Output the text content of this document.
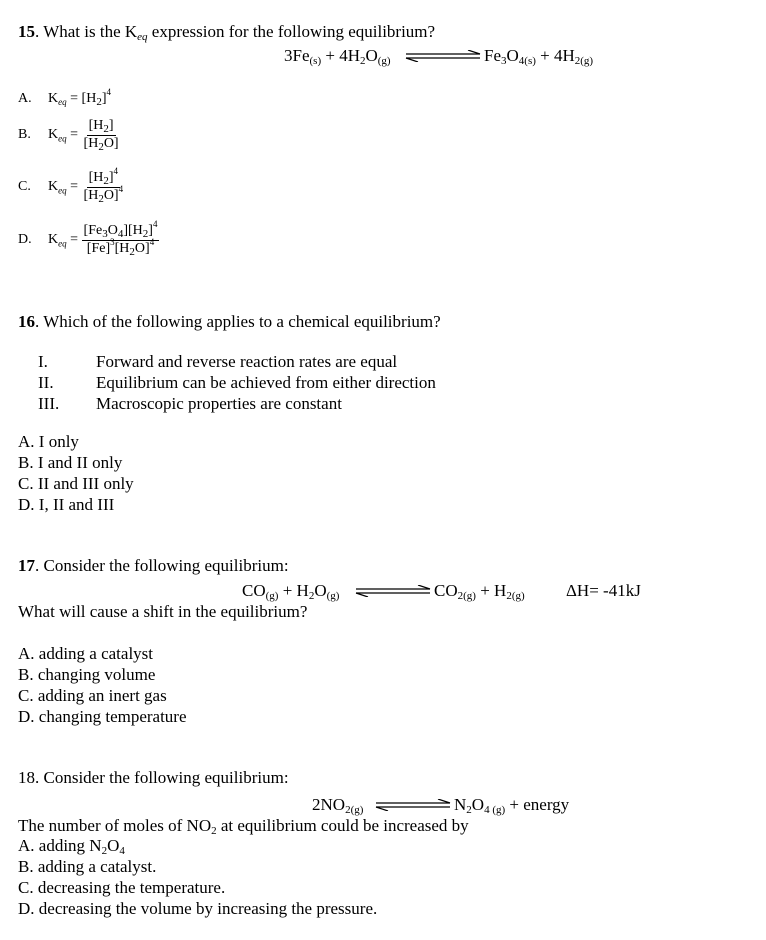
15. What is the $K_{eq}$ expression for the following equilibrium?
$3Fe_{(s)} + 4H_2O_{(g)}$	$Fe_3O_{4(s)} + 4H_{2(g)}$
A. $K_{eq} = [H_2]^4$
B. $K_{eq} = \frac{[H_2]}{[H_2O]}$
C. $K_{eq} = \frac{[H_2]^4}{[H_2O]^4}$
D. $K_{eq} = \frac{[Fe_3O_4][H_2]^4}{[Fe]^3[H_2O]^4}$
16. Which of the following applies to a chemical equilibrium?
I.	Forward and reverse reaction rates are equal
II. Equilibrium can be achieved from either direction
III. Macroscopic properties are constant
A. I only
B. I and II only
C. II and III only
D. I, II and III
17. Consider the following equilibrium:
$CO_{(g)} + H_2O_{(g)}$	$CO_{2(g)} + H_{2(g)}$ ΔH= -41kJ
What will cause a shift in the equilibrium?
A. adding a catalyst
B. changing volume
C. adding an inert gas
D. changing temperature
18. Consider the following equilibrium:
$2NO_{2(g)}$	$N_2O_{4 (g)}$ + energy
The number of moles of $NO_2$ at equilibrium could be increased by
A. adding $N_2O_4$
B. adding a catalyst.
C. decreasing the temperature.
D. decreasing the volume by increasing the pressure.
